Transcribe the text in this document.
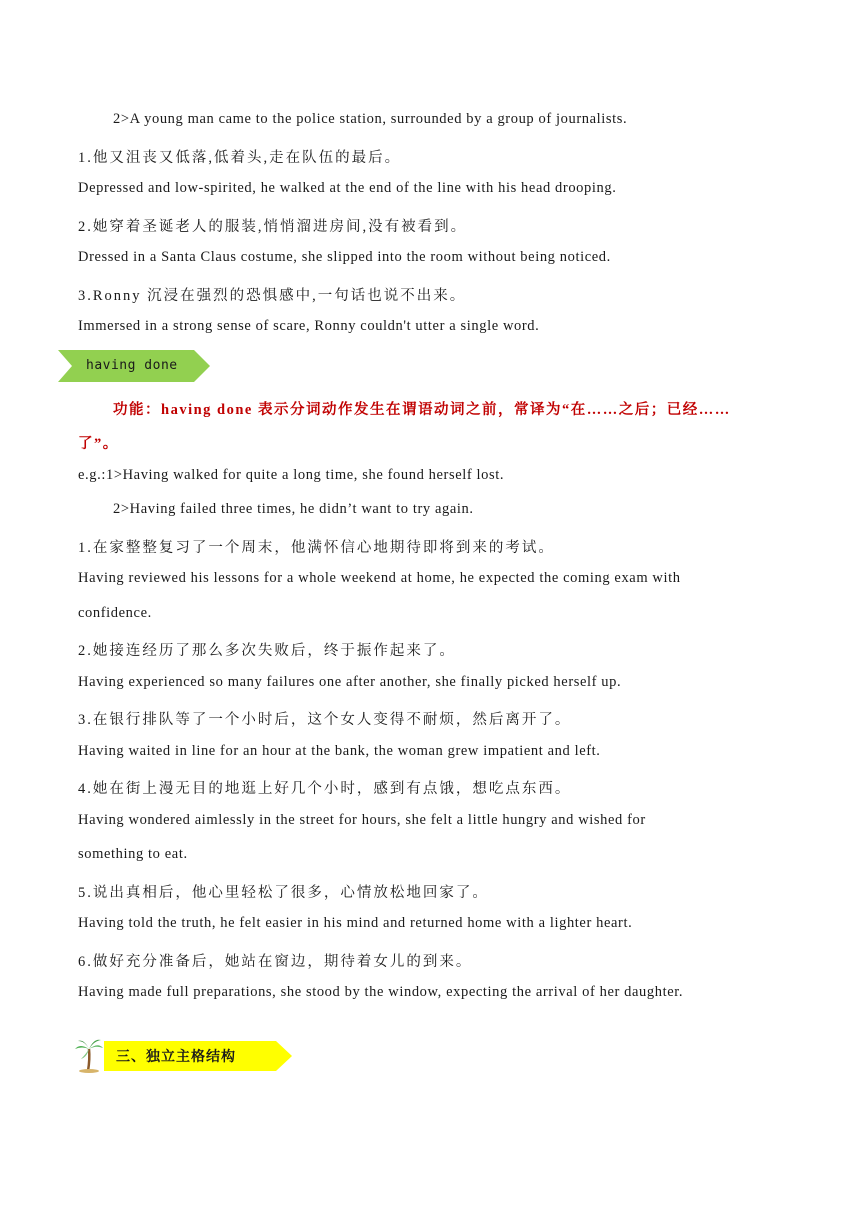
2>A young man came to the police station, surrounded by a group of journalists.
1.他又沮丧又低落,低着头,走在队伍的最后。
Depressed and low-spirited, he walked at the end of the line with his head drooping.
2.她穿着圣诞老人的服装,悄悄溜进房间,没有被看到。
Dressed in a Santa Claus costume, she slipped into the room without being noticed.
3.Ronny 沉浸在强烈的恐惧感中,一句话也说不出来。
Immersed in a strong sense of scare, Ronny couldn't utter a single word.
having done
功能：having done 表示分词动作发生在谓语动词之前，常译为“在……之后；已经……
了”。
e.g.:1>Having walked for quite a long time, she found herself lost.
2>Having failed three times, he didn’t want to try again.
1.在家整整复习了一个周末，他满怀信心地期待即将到来的考试。
Having reviewed his lessons for a whole weekend at home, he expected the coming exam with
confidence.
2.她接连经历了那么多次失败后，终于振作起来了。
Having experienced so many failures one after another, she finally picked herself up.
3.在银行排队等了一个小时后，这个女人变得不耐烦，然后离开了。
Having waited in line for an hour at the bank, the woman grew impatient and left.
4.她在街上漫无目的地逛上好几个小时，感到有点饿，想吃点东西。
Having wondered aimlessly in the street for hours, she felt a little hungry and wished for
something to eat.
5.说出真相后，他心里轻松了很多，心情放松地回家了。
Having told the truth, he felt easier in his mind and returned home with a lighter heart.
6.做好充分准备后，她站在窗边，期待着女儿的到来。
Having made full preparations, she stood by the window, expecting the arrival of her daughter.
三、独立主格结构
